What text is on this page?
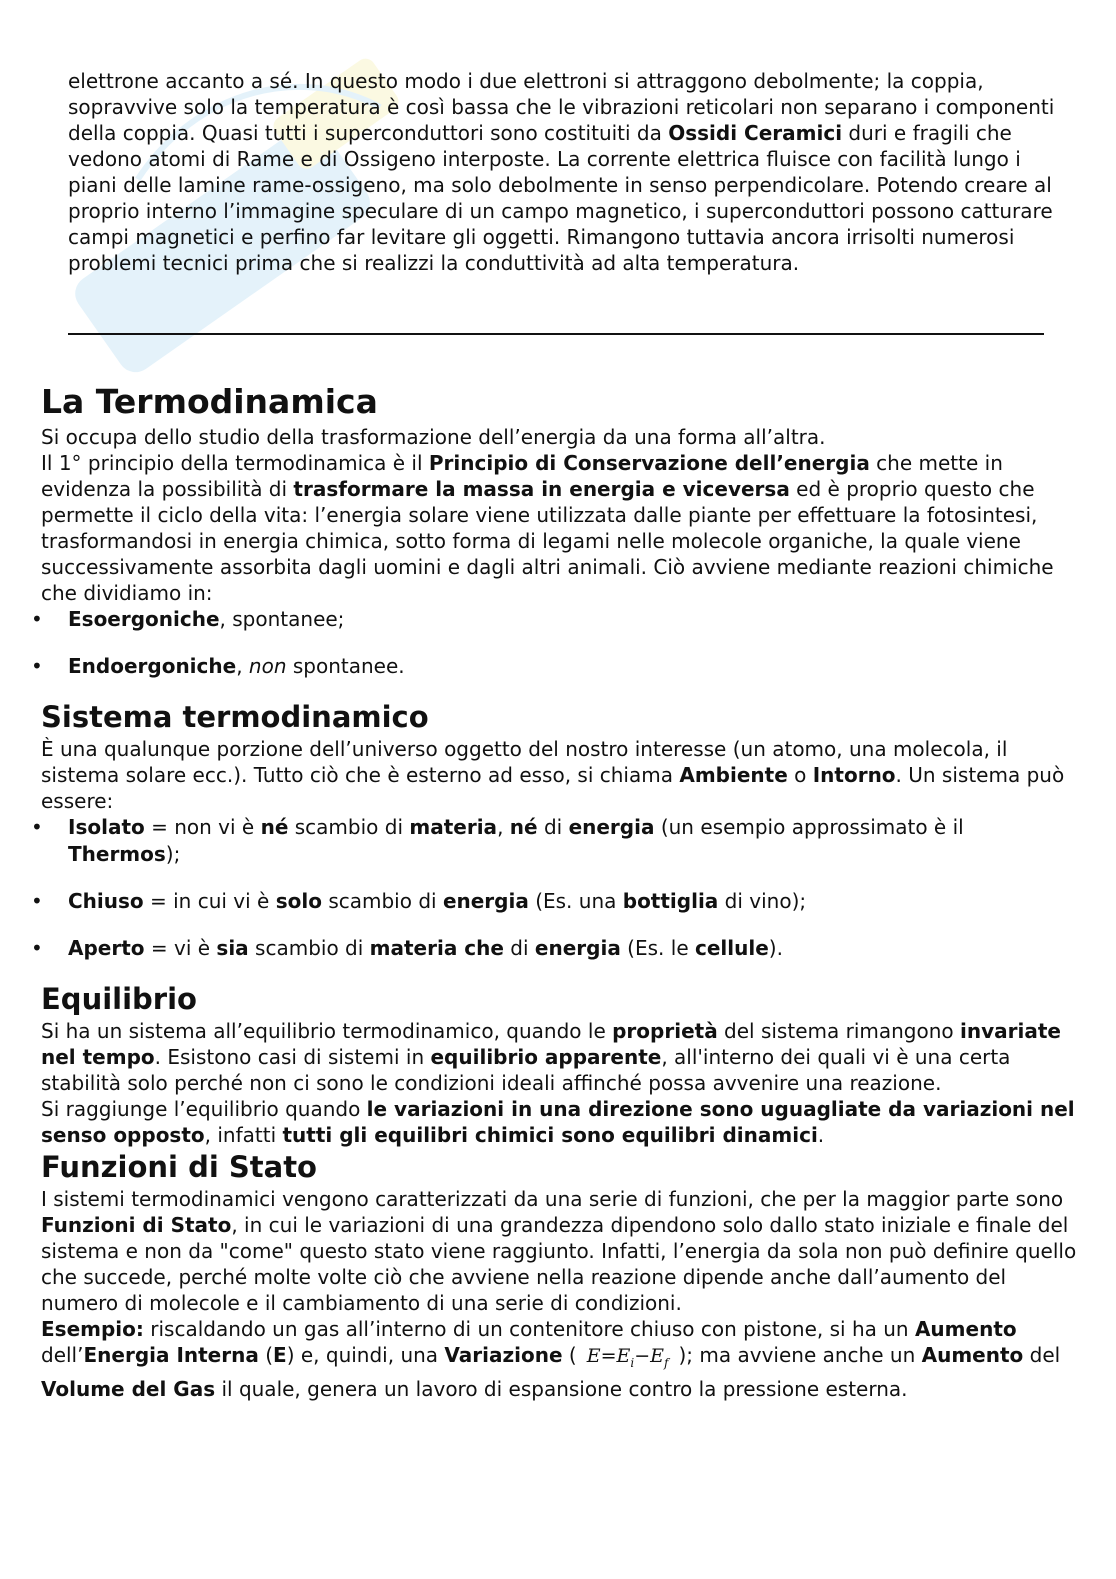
elettrone accanto a sé. In questo modo i due elettroni si attraggono debolmente; la coppia, sopravvive solo la temperatura è così bassa che le vibrazioni reticolari non separano i componenti della coppia. Quasi tutti i superconduttori sono costituiti da Ossidi Ceramici duri e fragili che vedono atomi di Rame e di Ossigeno interposte. La corrente elettrica fluisce con facilità lungo i piani delle lamine rame-ossigeno, ma solo debolmente in senso perpendicolare. Potendo creare al proprio interno l’immagine speculare di un campo magnetico, i superconduttori possono catturare campi magnetici e perfino far levitare gli oggetti. Rimangono tuttavia ancora irrisolti numerosi problemi tecnici prima che si realizzi la conduttività ad alta temperatura.

La Termodinamica

Si occupa dello studio della trasformazione dell’energia da una forma all’altra.

Il 1° principio della termodinamica è il Principio di Conservazione dell’energia che mette in evidenza la possibilità di trasformare la massa in energia e viceversa ed è proprio questo che permette il ciclo della vita: l’energia solare viene utilizzata dalle piante per effettuare la fotosintesi, trasformandosi in energia chimica, sotto forma di legami nelle molecole organiche, la quale viene successivamente assorbita dagli uomini e dagli altri animali. Ciò avviene mediante reazioni chimiche che dividiamo in:

• Esoergoniche, spontanee;
• Endoergoniche, non spontanee.
Sistema termodinamico

È una qualunque porzione dell’universo oggetto del nostro interesse (un atomo, una molecola, il sistema solare ecc.). Tutto ciò che è esterno ad esso, si chiama Ambiente o Intorno. Un sistema può essere:

• Isolato = non vi è né scambio di materia, né di energia (un esempio approssimato è il Thermos);
• Chiuso = in cui vi è solo scambio di energia (Es. una bottiglia di vino);
• Aperto = vi è sia scambio di materia che di energia (Es. le cellule).
Equilibrio

Si ha un sistema all’equilibrio termodinamico, quando le proprietà del sistema rimangono invariate nel tempo. Esistono casi di sistemi in equilibrio apparente, all'interno dei quali vi è una certa stabilità solo perché non ci sono le condizioni ideali affinché possa avvenire una reazione.

Si raggiunge l’equilibrio quando le variazioni in una direzione sono uguagliate da variazioni nel senso opposto, infatti tutti gli equilibri chimici sono equilibri dinamici.

Funzioni di Stato

I sistemi termodinamici vengono caratterizzati da una serie di funzioni, che per la maggior parte sono Funzioni di Stato, in cui le variazioni di una grandezza dipendono solo dallo stato iniziale e finale del sistema e non da "come" questo stato viene raggiunto. Infatti, l’energia da sola non può definire quello che succede, perché molte volte ciò che avviene nella reazione dipende anche dall’aumento del numero di molecole e il cambiamento di una serie di condizioni.

Esempio: riscaldando un gas all’interno di un contenitore chiuso con pistone, si ha un Aumento dell’Energia Interna (E) e, quindi, una Variazione ( $E=E_i-E_f$ ); ma avviene anche un Aumento del Volume del Gas il quale, genera un lavoro di espansione contro la pressione esterna.
